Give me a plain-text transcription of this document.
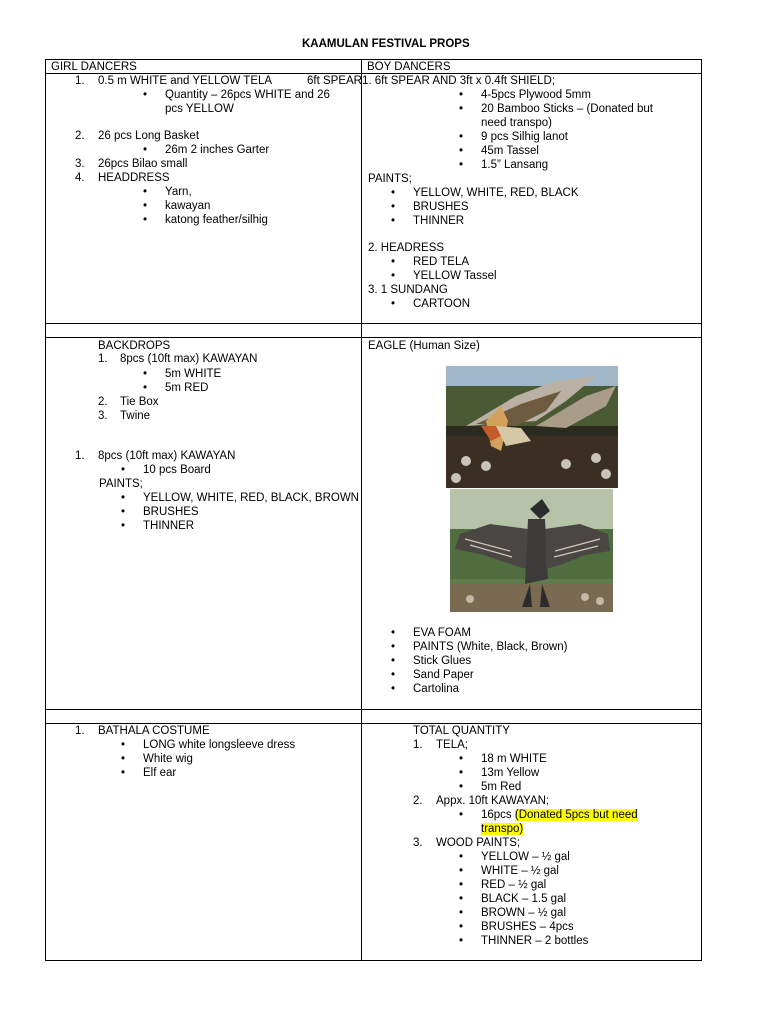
KAAMULAN FESTIVAL PROPS
GIRL DANCERS	BOY DANCERS
1. 0.5 m WHITE and YELLOW TELA	6ft SPEAR
• Quantity – 26pcs WHITE and 26
pcs YELLOW
2. 26 pcs Long Basket
• 26m 2 inches Garter
3. 26pcs Bilao small
4. HEADDRESS
• Yarn,
• kawayan
• katong feather/silhig
1. 6ft SPEAR AND 3ft x 0.4ft SHIELD;
• 4-5pcs Plywood 5mm
• 20 Bamboo Sticks – (Donated but
need transpo)
• 9 pcs Silhig lanot
• 45m Tassel
• 1.5” Lansang
PAINTS;
• YELLOW, WHITE, RED, BLACK
• BRUSHES
• THINNER
2. HEADRESS
• RED TELA
• YELLOW Tassel
3. 1 SUNDANG
• CARTOON
BACKDROPS
1. 8pcs (10ft max) KAWAYAN
• 5m WHITE
• 5m RED
2. Tie Box
3. Twine
1. 8pcs (10ft max) KAWAYAN
• 10 pcs Board
PAINTS;
• YELLOW, WHITE, RED, BLACK, BROWN
• BRUSHES
• THINNER
EAGLE (Human Size)
• EVA FOAM
• PAINTS (White, Black, Brown)
• Stick Glues
• Sand Paper
• Cartolina
1. BATHALA COSTUME
• LONG white longsleeve dress
• White wig
• Elf ear
TOTAL QUANTITY
1. TELA;
• 18 m WHITE
• 13m Yellow
• 5m Red
2. Appx. 10ft KAWAYAN;
• 16pcs (Donated 5pcs but need
transpo)
3. WOOD PAINTS;
• YELLOW – ½ gal
• WHITE – ½ gal
• RED – ½ gal
• BLACK – 1.5 gal
• BROWN – ½ gal
• BRUSHES – 4pcs
• THINNER – 2 bottles
